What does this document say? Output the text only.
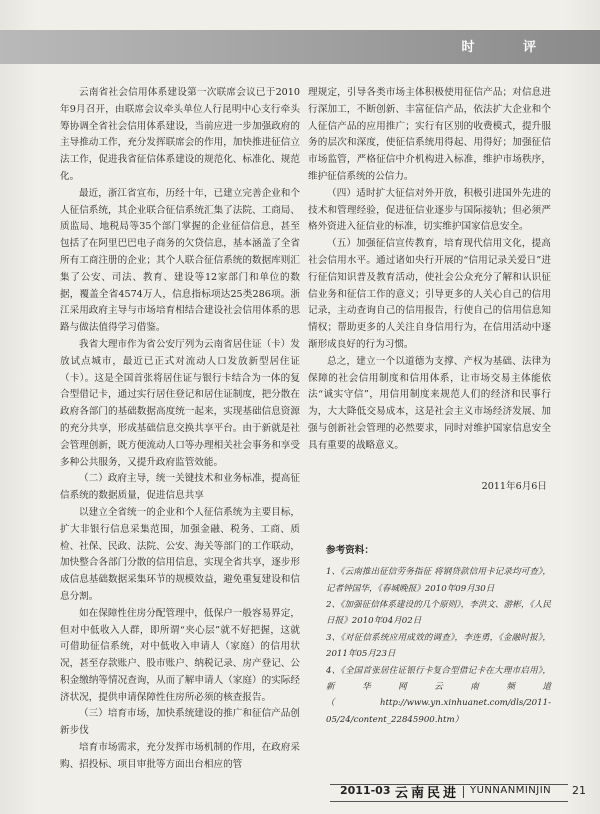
时 评

云南省社会信用体系建设第一次联席会议已于2010年9月召开，由联席会议牵头单位人行昆明中心支行牵头筹协调全省社会信用体系建设，当前应进一步加强政府的主导推动工作，充分发挥联席会的作用，加快推进征信立法工作，促进我省征信体系建设的规范化、标准化、规范化。

最近，浙江省宣布，历经十年，已建立完善企业和个人征信系统，其企业联合征信系统汇集了法院、工商局、质监局、地税局等35个部门掌握的企业征信信息，甚至包括了在阿里巴巴电子商务的欠贷信息，基本涵盖了全省所有工商注册的企业；其个人联合征信系统的数据库则汇集了公安、司法、教育、建设等12家部门和单位的数据，覆盖全省4574万人，信息指标项达25类286项。浙江采用政府主导与市场培育相结合建设社会信用体系的思路与做法值得学习借鉴。

我省大理市作为省公安厅列为云南省居住证（卡）发放试点城市，最近已正式对流动人口发放新型居住证（卡）。这是全国首张将居住证与银行卡结合为一体的复合型借记卡，通过实行居住登记和居住证制度，把分散在政府各部门的基础数据高度统一起来，实现基础信息资源的充分共享，形成基础信息交换共享平台。由于新就是社会管理创新，既方便流动人口等办理相关社会事务和享受多种公共服务，又提升政府监管效能。

（二）政府主导，统一关键技术和业务标准，提高征信系统的数据质量，促进信息共享

以建立全省统一的企业和个人征信系统为主要目标，扩大非银行信息采集范围，加强金融、税务、工商、质检、社保、民政、法院、公安、海关等部门的工作联动，加快整合各部门分散的信用信息，实现全省共享，逐步形成信息基础数据采集环节的规模效益，避免重复建设和信息分割。

如在保障性住房分配管理中，低保户一般容易界定，但对中低收入人群，即所谓“夹心层”就不好把握，这就可借助征信系统，对中低收入申请人（家庭）的信用状况，甚至存款账户、股市账户、纳税记录、房产登记、公积金缴纳等情况查询，从而了解申请人（家庭）的实际经济状况，提供申请保障性住房所必须的核查报告。

（三）培育市场，加快系统建设的推广和征信产品创新步伐

培育市场需求，充分发挥市场机制的作用，在政府采购、招投标、项目审批等方面出台相应的管

理规定，引导各类市场主体积极使用征信产品；对信息进行深加工，不断创新、丰富征信产品，依法扩大企业和个人征信产品的应用推广；实行有区别的收费模式，提升服务的层次和深度，使征信系统用得起、用得好；加强征信市场监管，严格征信中介机构进入标准，维护市场秩序，维护征信系统的公信力。

（四）适时扩大征信对外开放，积极引进国外先进的技术和管理经验，促进征信业逐步与国际接轨；但必须严格外资进入征信业的标准，切实维护国家信息安全。

（五）加强征信宣传教育，培育现代信用文化，提高社会信用水平。通过诸如央行开展的“信用记录关爱日”进行征信知识普及教育活动，使社会公众充分了解和认识征信业务和征信工作的意义；引导更多的人关心自己的信用记录，主动查询自己的信用报告，行使自己的信用信息知情权；帮助更多的人关注自身信用行为，在信用活动中逐渐形成良好的行为习惯。

总之，建立一个以道德为支撑、产权为基础、法律为保障的社会信用制度和信用体系，让市场交易主体能依法“诚实守信”，用信用制度来规范人们的经济和民事行为，大大降低交易成本，这是社会主义市场经济发展、加强与创新社会管理的必然要求，同时对维护国家信息安全具有重要的战略意义。

2011年6月6日

参考资料：
1、《云南推出征信劳务指征 将钢贷款信用卡记录均可查》，记者钟国华，《春城晚报》2010年09月30日
2、《加强征信体系建设的几个原则》，李洪文、游彬，《人民日报》2010年04月02日
3、《对征信系统应用成效的调查》，李连勇，《金融时报》，2011年05月23日
4、《全国首张居住证银行卡复合型借记卡在大理市启用》，新华网云南频道（http://www.yn.xinhuanet.com/dls/2011-05/24/content_22845900.htm）
2011-03 云南民进 YUNNANMINJIN 21
